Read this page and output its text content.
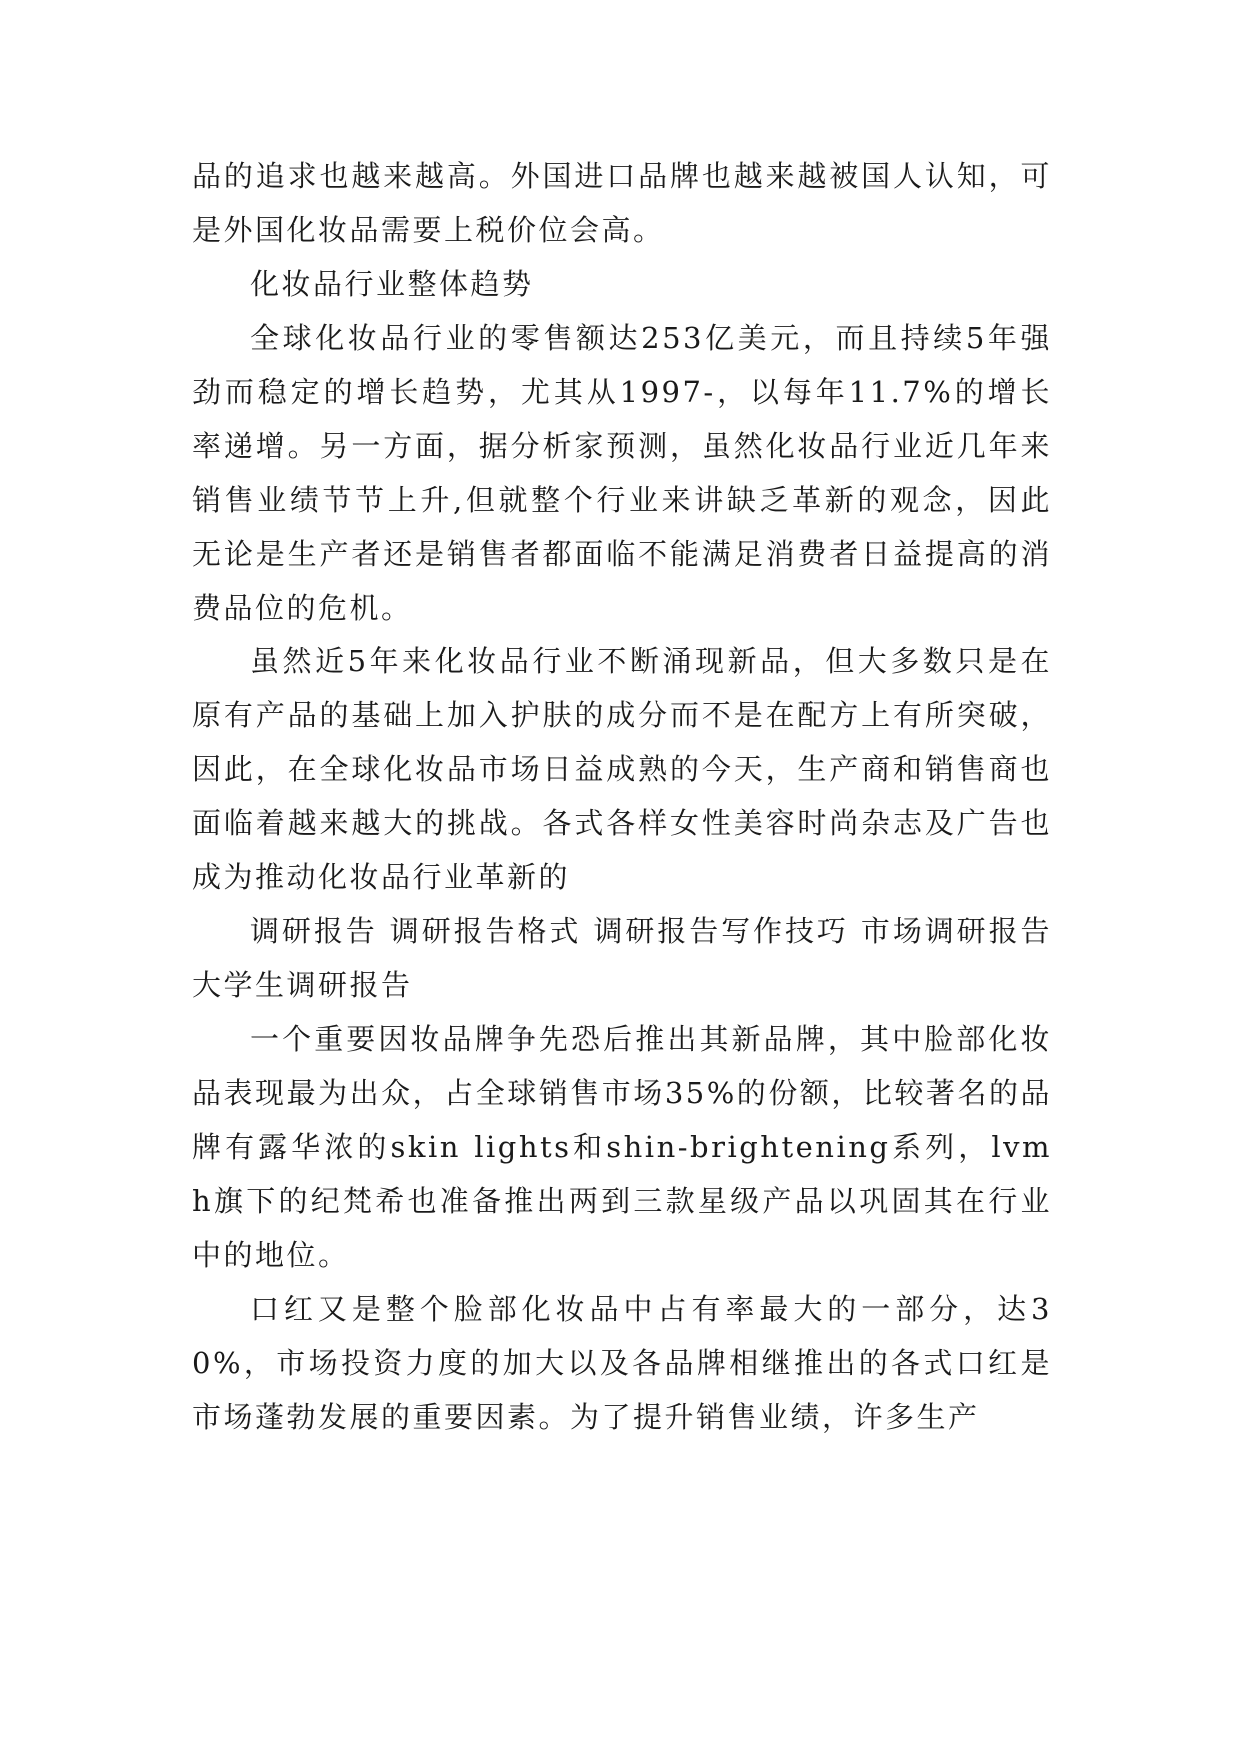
品的追求也越来越高。外国进口品牌也越来越被国人认知，可是外国化妆品需要上税价位会高。

化妆品行业整体趋势

全球化妆品行业的零售额达253亿美元，而且持续5年强劲而稳定的增长趋势，尤其从1997-，以每年11.7%的增长率递增。另一方面，据分析家预测，虽然化妆品行业近几年来销售业绩节节上升,但就整个行业来讲缺乏革新的观念，因此无论是生产者还是销售者都面临不能满足消费者日益提高的消费品位的危机。

虽然近5年来化妆品行业不断涌现新品，但大多数只是在原有产品的基础上加入护肤的成分而不是在配方上有所突破，因此，在全球化妆品市场日益成熟的今天，生产商和销售商也面临着越来越大的挑战。各式各样女性美容时尚杂志及广告也成为推动化妆品行业革新的

调研报告 调研报告格式 调研报告写作技巧 市场调研报告 大学生调研报告

一个重要因妆品牌争先恐后推出其新品牌，其中脸部化妆品表现最为出众，占全球销售市场35%的份额，比较著名的品牌有露华浓的skin lights和shin-brightening系列，lvmh旗下的纪梵希也准备推出两到三款星级产品以巩固其在行业中的地位。

口红又是整个脸部化妆品中占有率最大的一部分，达30%，市场投资力度的加大以及各品牌相继推出的各式口红是市场蓬勃发展的重要因素。为了提升销售业绩，许多生产
